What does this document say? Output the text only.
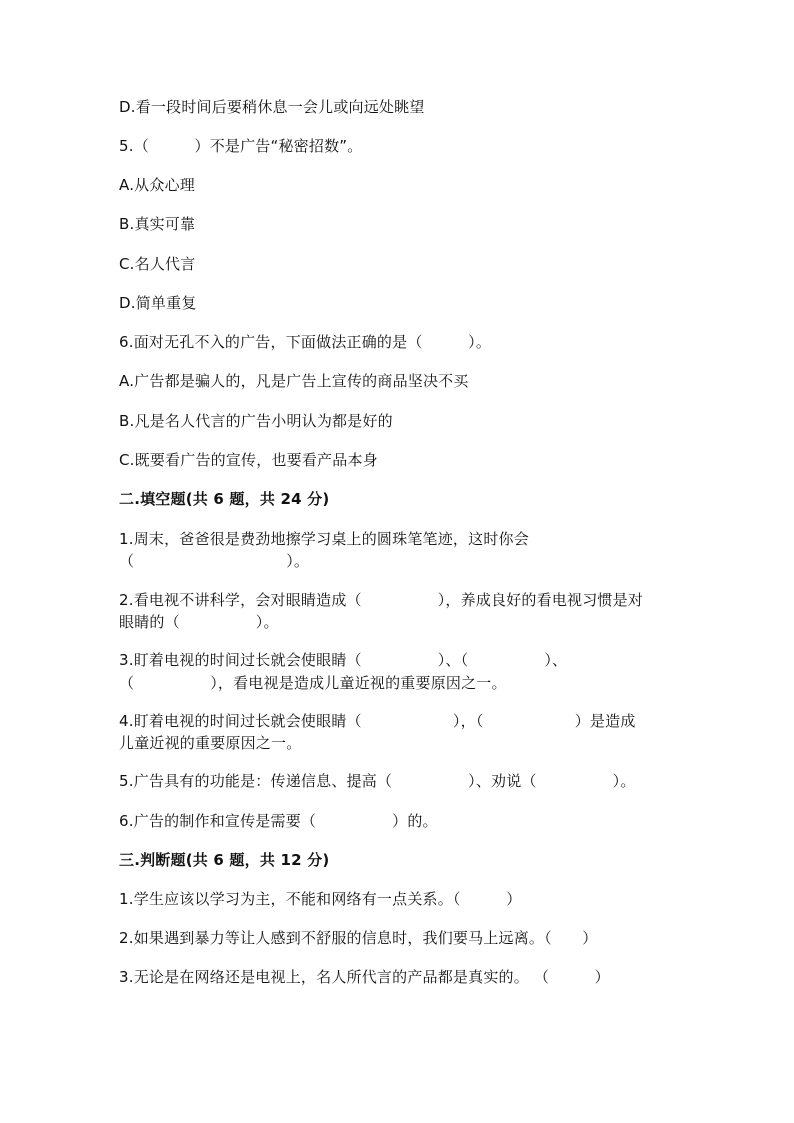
D.看一段时间后要稍休息一会儿或向远处眺望
5.（　　　）不是广告“秘密招数”。
A.从众心理
B.真实可靠
C.名人代言
D.简单重复
6.面对无孔不入的广告，下面做法正确的是（　　　）。
A.广告都是骗人的，凡是广告上宣传的商品坚决不买
B.凡是名人代言的广告小明认为都是好的
C.既要看广告的宣传，也要看产品本身
二.填空题(共 6 题，共 24 分)
1.周末，爸爸很是费劲地擦学习桌上的圆珠笔笔迹，这时你会
（　　　　　　　　　　）。
2.看电视不讲科学，会对眼睛造成（　　　　　），养成良好的看电视习惯是对
眼睛的（　　　　　）。
3.盯着电视的时间过长就会使眼睛（　　　　　）、（　　　　　）、
（　　　　　），看电视是造成儿童近视的重要原因之一。
4.盯着电视的时间过长就会使眼睛（　　　　　　），（　　　　　　）是造成
儿童近视的重要原因之一。
5.广告具有的功能是：传递信息、提高（　　　　　）、劝说（　　　　　）。
6.广告的制作和宣传是需要（　　　　　）的。
三.判断题(共 6 题，共 12 分)
1.学生应该以学习为主，不能和网络有一点关系。（　　　）
2.如果遇到暴力等让人感到不舒服的信息时，我们要马上远离。（　　）
3.无论是在网络还是电视上，名人所代言的产品都是真实的。 （　　　）
